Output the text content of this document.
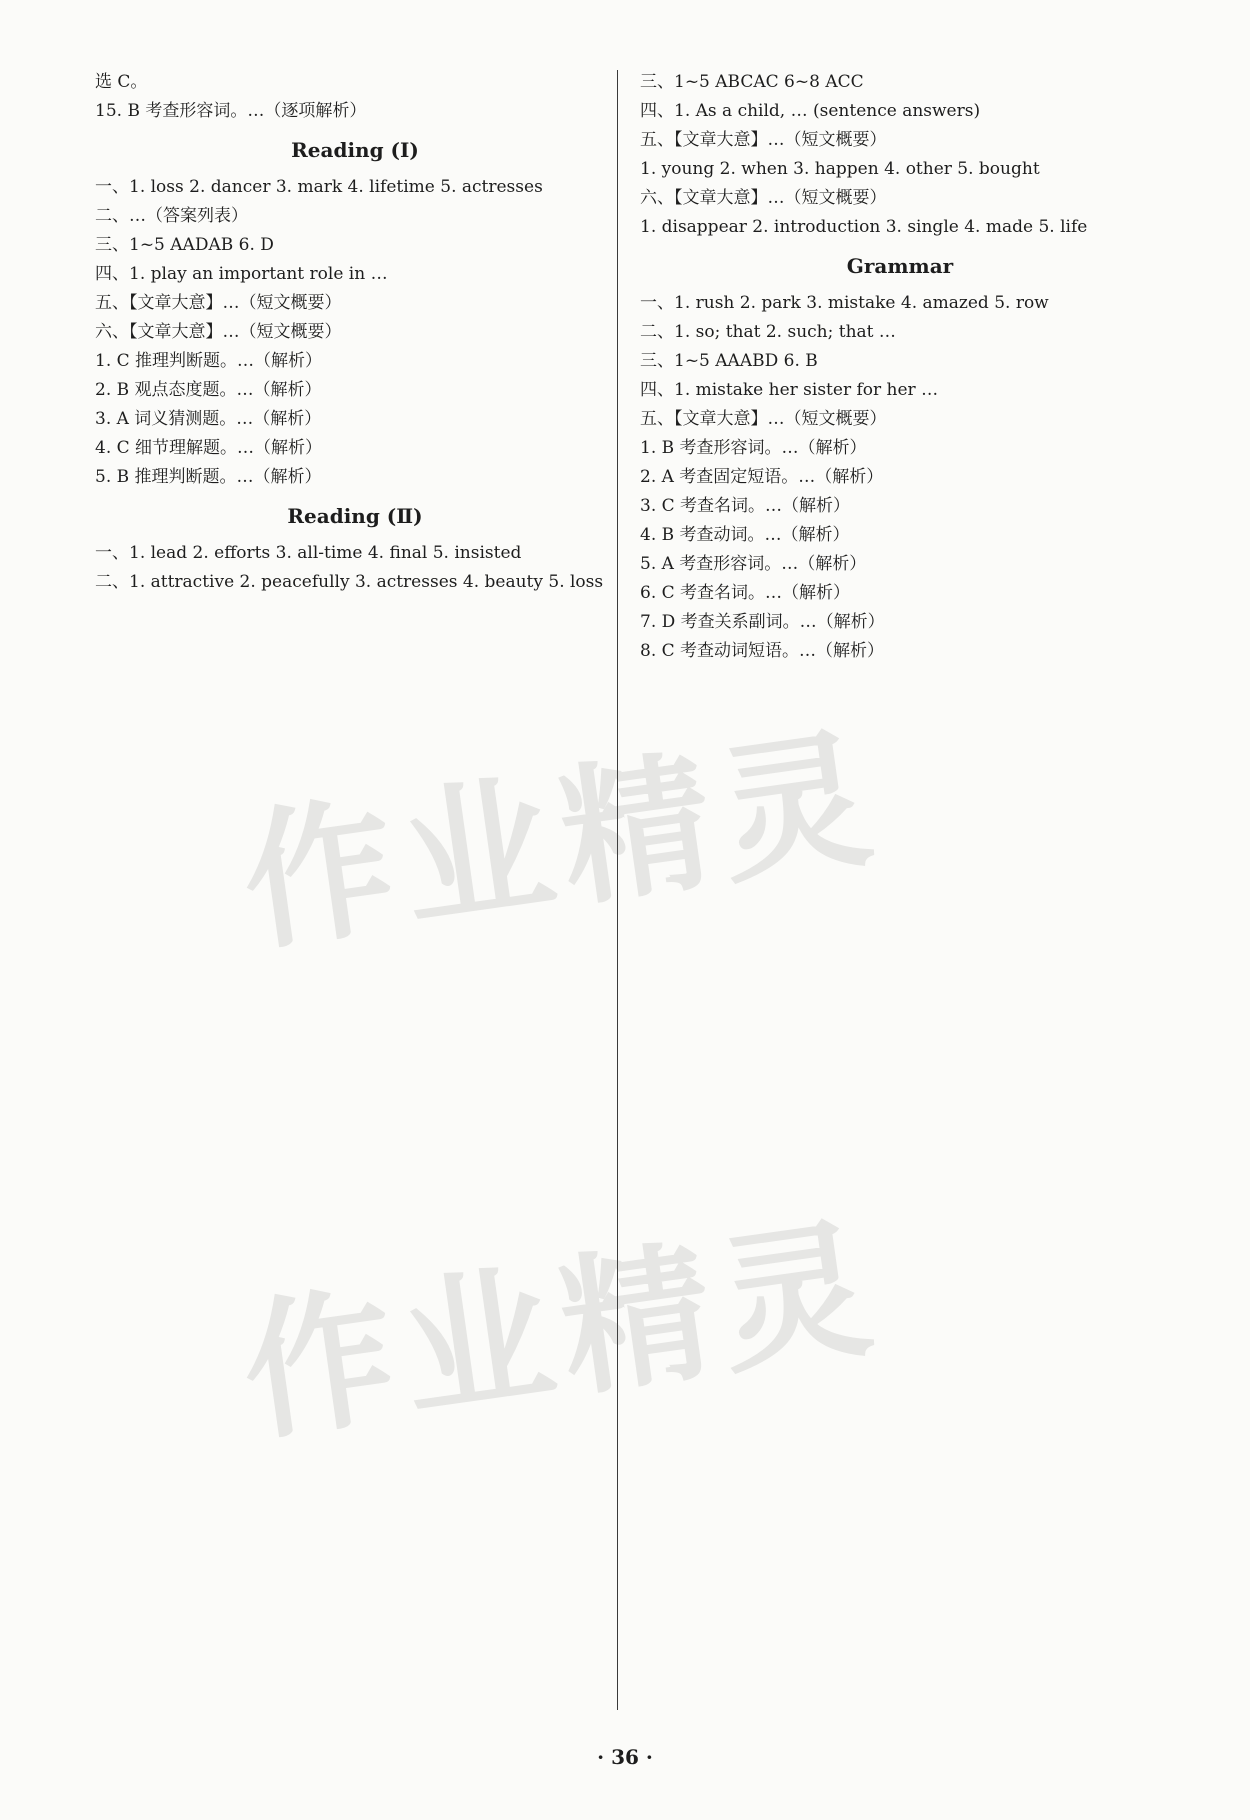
选 C。
15. B 考查形容词。…（逐项解析）
Reading (Ⅰ)
一、1. loss 2. dancer 3. mark 4. lifetime 5. actresses
二、…（答案列表）
三、1~5 AADAB 6. D
四、1. play an important role in …
五、【文章大意】…（短文概要）
六、【文章大意】…（短文概要）
1. C 推理判断题。…（解析）
2. B 观点态度题。…（解析）
3. A 词义猜测题。…（解析）
4. C 细节理解题。…（解析）
5. B 推理判断题。…（解析）
Reading (Ⅱ)
一、1. lead 2. efforts 3. all-time 4. final 5. insisted
二、1. attractive 2. peacefully 3. actresses 4. beauty 5. loss
三、1~5 ABCAC 6~8 ACC
四、1. As a child, … (sentence answers)
五、【文章大意】…（短文概要）
1. young 2. when 3. happen 4. other 5. bought
六、【文章大意】…（短文概要）
1. disappear 2. introduction 3. single 4. made 5. life
Grammar
一、1. rush 2. park 3. mistake 4. amazed 5. row
二、1. so; that 2. such; that …
三、1~5 AAABD 6. B
四、1. mistake her sister for her …
五、【文章大意】…（短文概要）
1. B 考查形容词。…（解析）
2. A 考查固定短语。…（解析）
3. C 考查名词。…（解析）
4. B 考查动词。…（解析）
5. A 考查形容词。…（解析）
6. C 考查名词。…（解析）
7. D 考查关系副词。…（解析）
8. C 考查动词短语。…（解析）
作业精灵
作业精灵
· 36 ·
